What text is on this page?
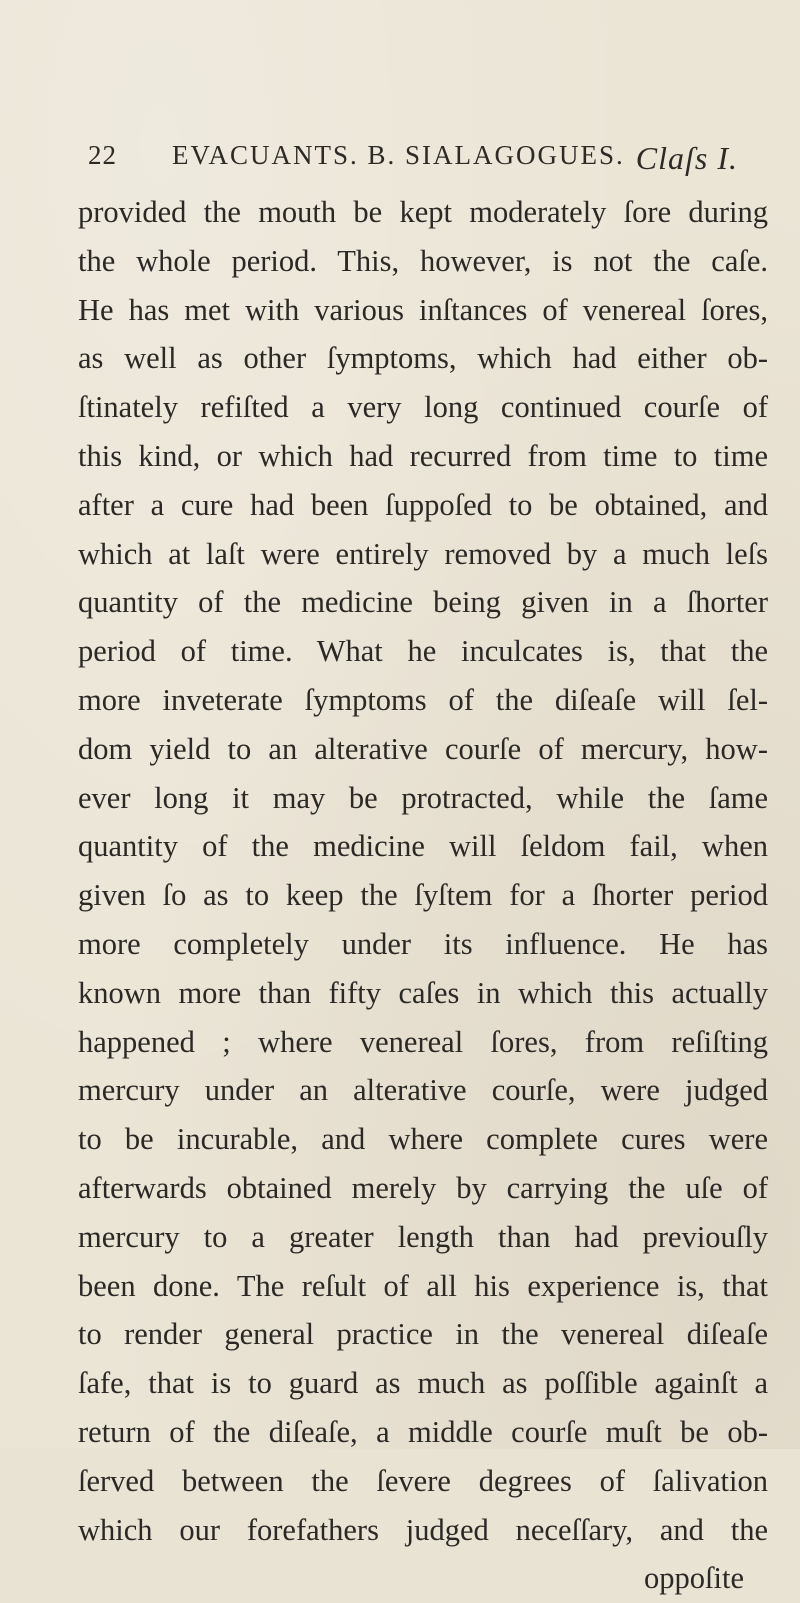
22 EVACUANTS. B. SIALAGOGUES. Claſs I.
provided the mouth be kept moderately ſore during
the whole period. This, however, is not the caſe.
He has met with various inſtances of venereal ſores,
as well as other ſymptoms, which had either ob-
ſtinately refiſted a very long continued courſe of
this kind, or which had recurred from time to time
after a cure had been ſuppoſed to be obtained, and
which at laſt were entirely removed by a much leſs
quantity of the medicine being given in a ſhorter
period of time. What he inculcates is, that the
more inveterate ſymptoms of the diſeaſe will ſel-
dom yield to an alterative courſe of mercury, how-
ever long it may be protracted, while the ſame
quantity of the medicine will ſeldom fail, when
given ſo as to keep the ſyſtem for a ſhorter period
more completely under its influence. He has
known more than fifty caſes in which this actually
happened ; where venereal ſores, from reſiſting
mercury under an alterative courſe, were judged
to be incurable, and where complete cures were
afterwards obtained merely by carrying the uſe of
mercury to a greater length than had previouſly
been done. The reſult of all his experience is, that
to render general practice in the venereal diſeaſe
ſafe, that is to guard as much as poſſible againſt a
return of the diſeaſe, a middle courſe muſt be ob-
ſerved between the ſevere degrees of ſalivation
which our forefathers judged neceſſary, and the
oppoſite
